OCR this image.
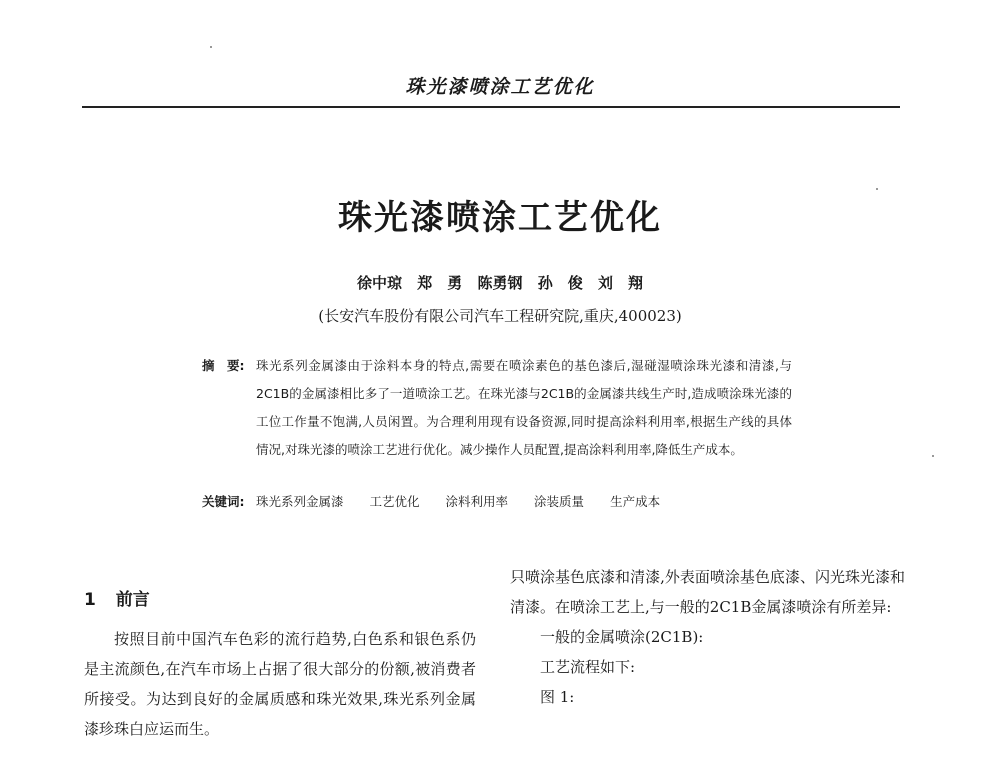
珠光漆喷涂工艺优化
珠光漆喷涂工艺优化
徐中琼 郑　勇 陈勇钢 孙　俊 刘　翔
(长安汽车股份有限公司汽车工程研究院,重庆,400023)
摘　要: 珠光系列金属漆由于涂料本身的特点,需要在喷涂素色的基色漆后,湿碰湿喷涂珠光漆和清漆,与2C1B的金属漆相比多了一道喷涂工艺。在珠光漆与2C1B的金属漆共线生产时,造成喷涂珠光漆的工位工作量不饱满,人员闲置。为合理利用现有设备资源,同时提高涂料利用率,根据生产线的具体情况,对珠光漆的喷涂工艺进行优化。减少操作人员配置,提高涂料利用率,降低生产成本。
关键词: 珠光系列金属漆 工艺优化 涂料利用率 涂装质量 生产成本
1 前言

按照目前中国汽车色彩的流行趋势,白色系和银色系仍是主流颜色,在汽车市场上占据了很大部分的份额,被消费者所接受。为达到良好的金属质感和珠光效果,珠光系列金属漆珍珠白应运而生。

只喷涂基色底漆和清漆,外表面喷涂基色底漆、闪光珠光漆和清漆。在喷涂工艺上,与一般的2C1B金属漆喷涂有所差异:

一般的金属喷涂(2C1B):
工艺流程如下:
图 1:
